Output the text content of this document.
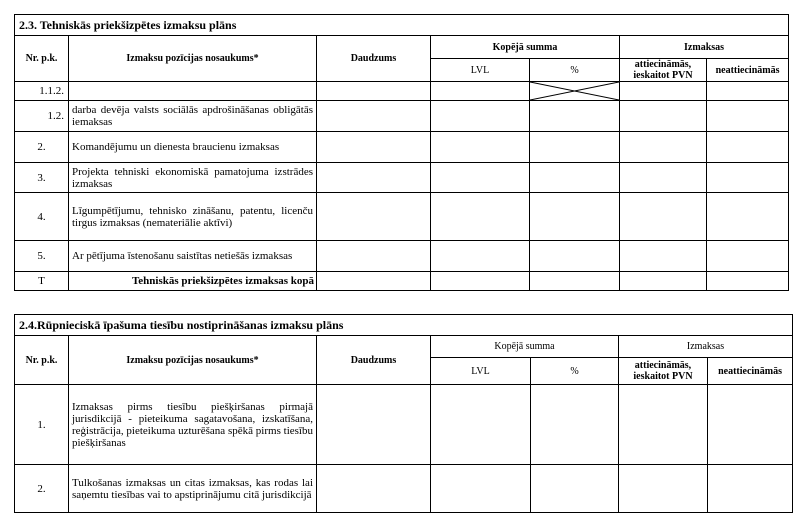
2.3. Tehniskās priekšizpētes izmaksu plāns						
Nr. p.k.	Izmaksu pozīcijas nosaukums*	Daudzums	Kopējā summa		Izmaksas	
			LVL	%	attiecināmās, ieskaitot PVN	neattiecināmās
1.1.2.				

1.2.	darba devēja valsts sociālās apdrošināšanas obligātās iemaksas					
2.	Komandējumu un dienesta braucienu izmaksas					
3.	Projekta tehniski ekonomiskā pamatojuma izstrādes izmaksas					
4.	Līgumpētījumu, tehnisko zināšanu, patentu, licenču tirgus izmaksas (nemateriālie aktīvi)					
5.	Ar pētījuma īstenošanu saistītas netiešās izmaksas					
T	Tehniskās priekšizpētes izmaksas kopā					
2.4.Rūpnieciskā īpašuma tiesību nostiprināšanas izmaksu plāns						
Nr. p.k.	Izmaksu pozīcijas nosaukums*	Daudzums	Kopējā summa		Izmaksas	
			LVL	%	attiecināmās, ieskaitot PVN	neattiecināmās
1.	Izmaksas pirms tiesību piešķiršanas pirmajā jurisdikcijā - pieteikuma sagatavošana, izskatīšana, reģistrācija, pieteikuma uzturēšana spēkā pirms tiesību piešķiršanas					
2.	Tulkošanas izmaksas un citas izmaksas, kas rodas lai saņemtu tiesības vai to apstiprinājumu citā jurisdikcijā					
